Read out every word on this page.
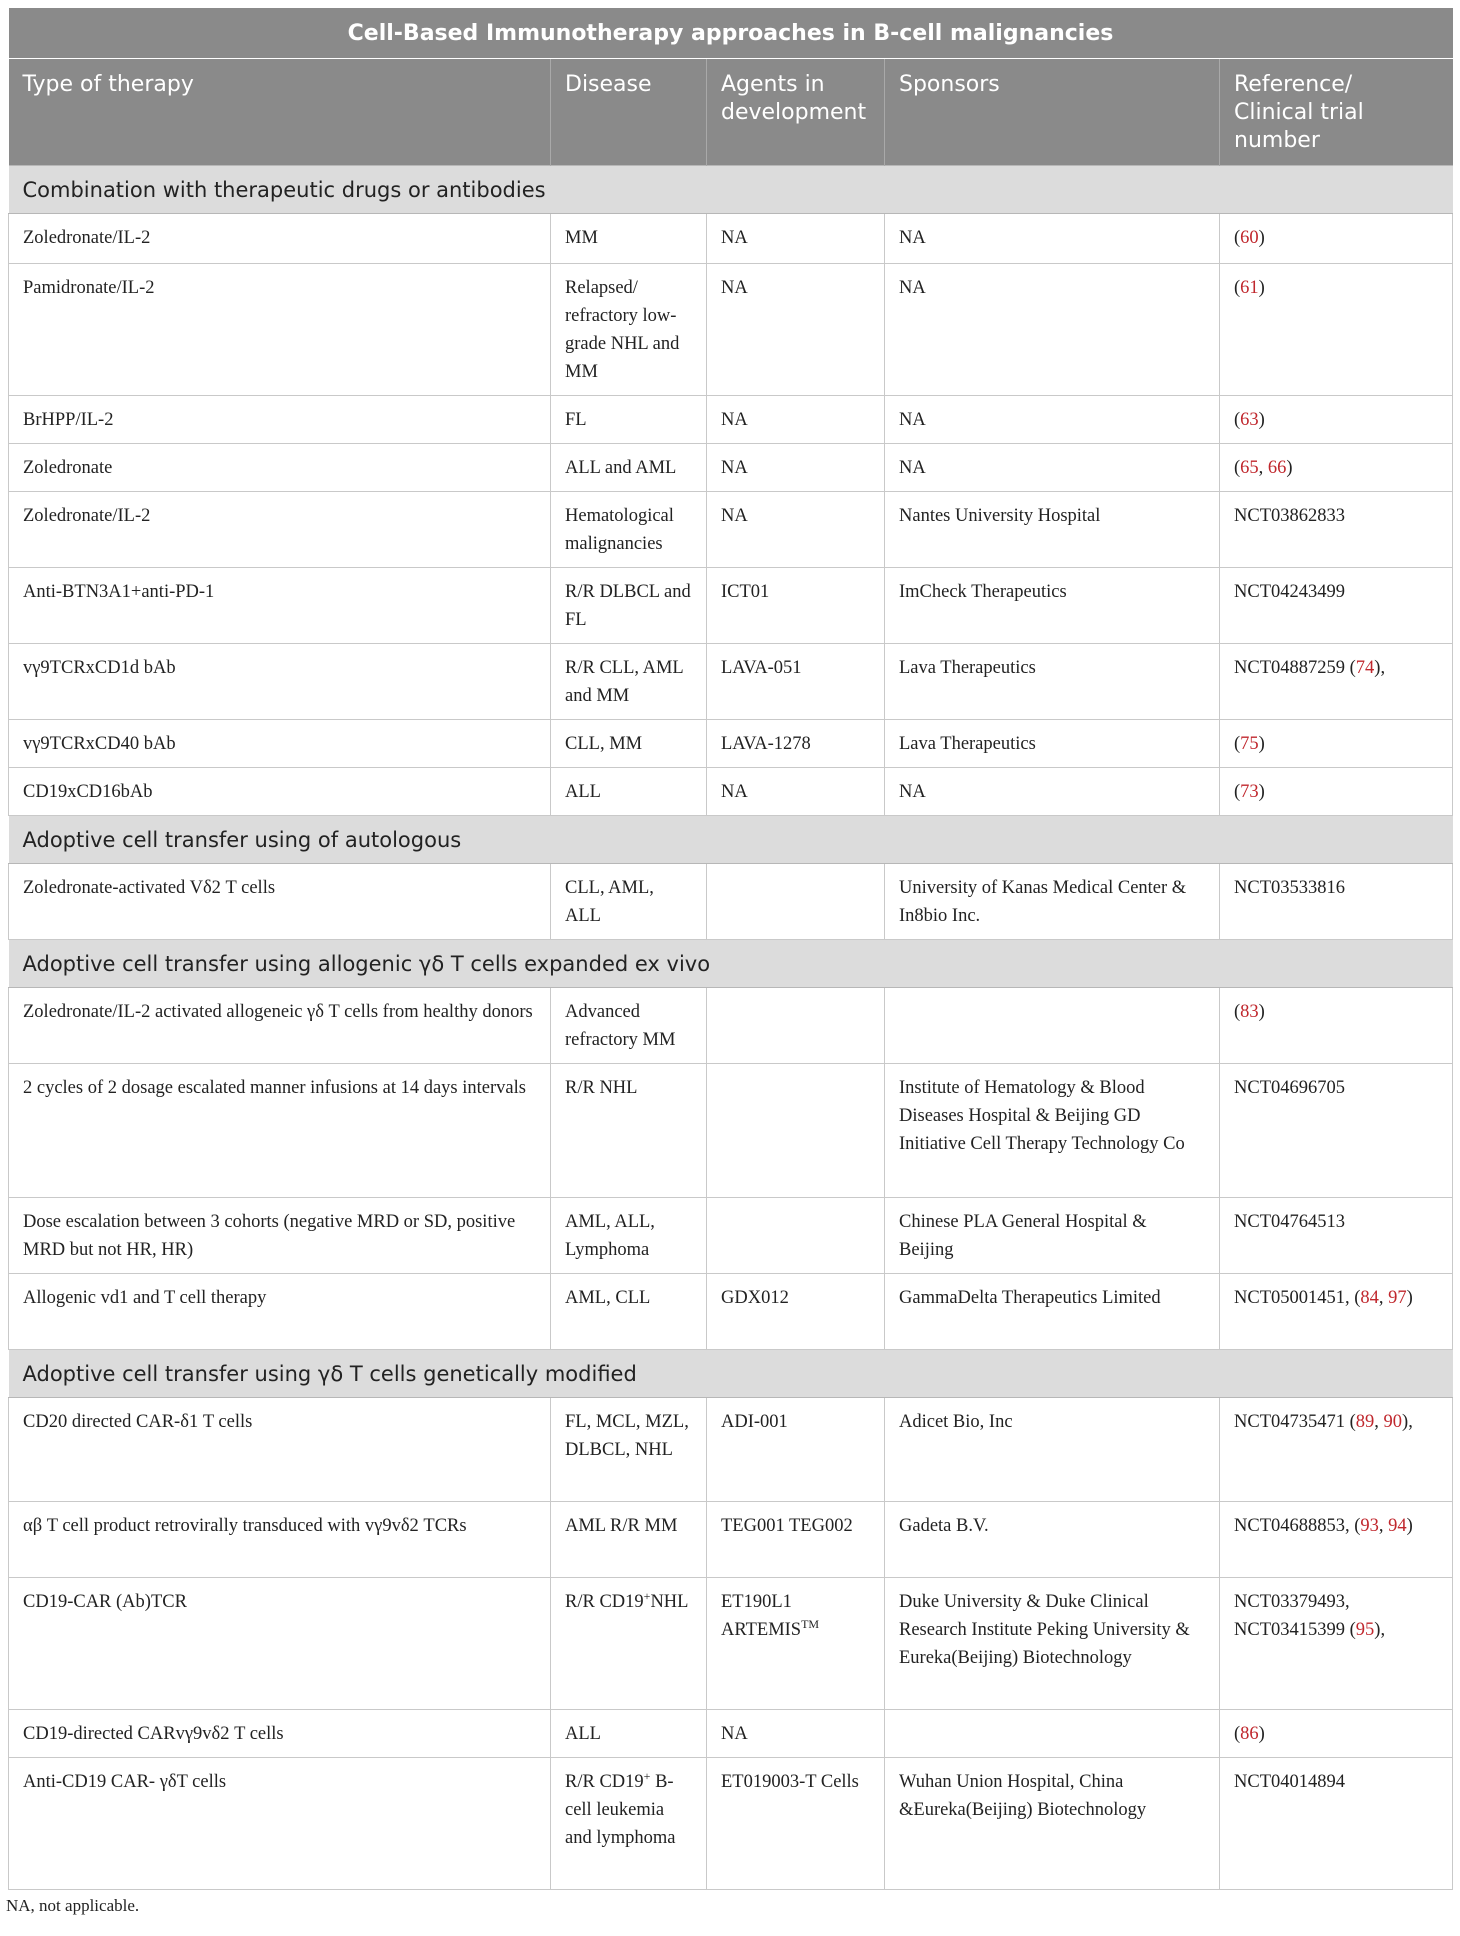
Cell-Based Immunotherapy approaches in B-cell malignancies				
Type of therapy	Disease	Agents in development	Sponsors	Reference/ Clinical trial number
Combination with therapeutic drugs or antibodies				
Zoledronate/IL-2	MM	NA	NA	(60)
Pamidronate/IL-2	Relapsed/ refractory low-grade NHL and MM	NA	NA	(61)
BrHPP/IL-2	FL	NA	NA	(63)
Zoledronate	ALL and AML	NA	NA	(65, 66)
Zoledronate/IL-2	Hematological malignancies	NA	Nantes University Hospital	NCT03862833
Anti-BTN3A1+anti-PD-1	R/R DLBCL and FL	ICT01	ImCheck Therapeutics	NCT04243499
vγ9TCRxCD1d bAb	R/R CLL, AML and MM	LAVA-051	Lava Therapeutics	NCT04887259 (74),
vγ9TCRxCD40 bAb	CLL, MM	LAVA-1278	Lava Therapeutics	(75)
CD19xCD16bAb	ALL	NA	NA	(73)
Adoptive cell transfer using of autologous				
Zoledronate-activated Vδ2 T cells	CLL, AML, ALL		University of Kanas Medical Center & In8bio Inc.	NCT03533816
Adoptive cell transfer using allogenic γδ T cells expanded ex vivo				
Zoledronate/IL-2 activated allogeneic γδ T cells from healthy donors	Advanced refractory MM			(83)
2 cycles of 2 dosage escalated manner infusions at 14 days intervals	R/R NHL		Institute of Hematology & Blood Diseases Hospital & Beijing GD Initiative Cell Therapy Technology Co	NCT04696705
Dose escalation between 3 cohorts (negative MRD or SD, positive MRD but not HR, HR)	AML, ALL, Lymphoma		Chinese PLA General Hospital & Beijing	NCT04764513
Allogenic vd1 and T cell therapy	AML, CLL	GDX012	GammaDelta Therapeutics Limited	NCT05001451, (84, 97)
Adoptive cell transfer using γδ T cells genetically modified				
CD20 directed CAR-δ1 T cells	FL, MCL, MZL, DLBCL, NHL	ADI-001	Adicet Bio, Inc	NCT04735471 (89, 90),
αβ T cell product retrovirally transduced with vγ9vδ2 TCRs	AML R/R MM	TEG001 TEG002	Gadeta B.V.	NCT04688853, (93, 94)
CD19-CAR (Ab)TCR	R/R CD19+NHL	ET190L1 ARTEMIS™	Duke University & Duke Clinical Research Institute Peking University & Eureka(Beijing) Biotechnology	NCT03379493, NCT03415399 (95),
CD19-directed CARvγ9vδ2 T cells	ALL	NA		(86)
Anti-CD19 CAR- γδT cells	R/R CD19+ B-cell leukemia and lymphoma	ET019003-T Cells	Wuhan Union Hospital, China &Eureka(Beijing) Biotechnology	NCT04014894
NA, not applicable.
